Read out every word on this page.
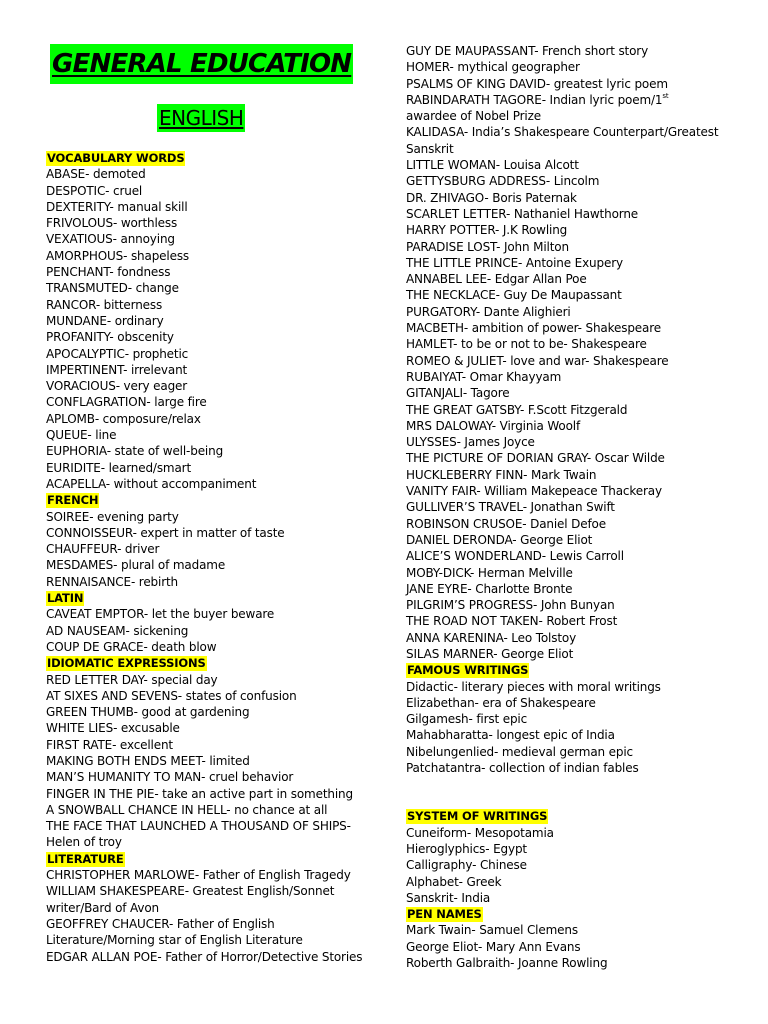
GENERAL EDUCATION
ENGLISH
VOCABULARY WORDS
ABASE- demoted
DESPOTIC- cruel
DEXTERITY- manual skill
FRIVOLOUS- worthless
VEXATIOUS- annoying
AMORPHOUS- shapeless
PENCHANT- fondness
TRANSMUTED- change
RANCOR- bitterness
MUNDANE- ordinary
PROFANITY- obscenity
APOCALYPTIC- prophetic
IMPERTINENT- irrelevant
VORACIOUS- very eager
CONFLAGRATION- large fire
APLOMB- composure/relax
QUEUE- line
EUPHORIA- state of well-being
EURIDITE- learned/smart
ACAPELLA- without accompaniment
FRENCH
SOIREE- evening party
CONNOISSEUR- expert in matter of taste
CHAUFFEUR- driver
MESDAMES- plural of madame
RENNAISANCE- rebirth
LATIN
CAVEAT EMPTOR- let the buyer beware
AD NAUSEAM- sickening
COUP DE GRACE- death blow
IDIOMATIC EXPRESSIONS
RED LETTER DAY- special day
AT SIXES AND SEVENS- states of confusion
GREEN THUMB- good at gardening
WHITE LIES- excusable
FIRST RATE- excellent
MAKING BOTH ENDS MEET- limited
MAN’S HUMANITY TO MAN- cruel behavior
FINGER IN THE PIE- take an active part in something
A SNOWBALL CHANCE IN HELL- no chance at all
THE FACE THAT LAUNCHED A THOUSAND OF SHIPS-
Helen of troy
LITERATURE
CHRISTOPHER MARLOWE- Father of English Tragedy
WILLIAM SHAKESPEARE- Greatest English/Sonnet
writer/Bard of Avon
GEOFFREY CHAUCER- Father of English
Literature/Morning star of English Literature
EDGAR ALLAN POE- Father of Horror/Detective Stories
GUY DE MAUPASSANT- French short story
HOMER- mythical geographer
PSALMS OF KING DAVID- greatest lyric poem
RABINDARATH TAGORE- Indian lyric poem/1st
awardee of Nobel Prize
KALIDASA- India’s Shakespeare Counterpart/Greatest
Sanskrit
LITTLE WOMAN- Louisa Alcott
GETTYSBURG ADDRESS- Lincolm
DR. ZHIVAGO- Boris Paternak
SCARLET LETTER- Nathaniel Hawthorne
HARRY POTTER- J.K Rowling
PARADISE LOST- John Milton
THE LITTLE PRINCE- Antoine Exupery
ANNABEL LEE- Edgar Allan Poe
THE NECKLACE- Guy De Maupassant
PURGATORY- Dante Alighieri
MACBETH- ambition of power- Shakespeare
HAMLET- to be or not to be- Shakespeare
ROMEO & JULIET- love and war- Shakespeare
RUBAIYAT- Omar Khayyam
GITANJALI- Tagore
THE GREAT GATSBY- F.Scott Fitzgerald
MRS DALOWAY- Virginia Woolf
ULYSSES- James Joyce
THE PICTURE OF DORIAN GRAY- Oscar Wilde
HUCKLEBERRY FINN- Mark Twain
VANITY FAIR- William Makepeace Thackeray
GULLIVER’S TRAVEL- Jonathan Swift
ROBINSON CRUSOE- Daniel Defoe
DANIEL DERONDA- George Eliot
ALICE’S WONDERLAND- Lewis Carroll
MOBY-DICK- Herman Melville
JANE EYRE- Charlotte Bronte
PILGRIM’S PROGRESS- John Bunyan
THE ROAD NOT TAKEN- Robert Frost
ANNA KARENINA- Leo Tolstoy
SILAS MARNER- George Eliot
FAMOUS WRITINGS
Didactic- literary pieces with moral writings
Elizabethan- era of Shakespeare
Gilgamesh- first epic
Mahabharatta- longest epic of India
Nibelungenlied- medieval german epic
Patchatantra- collection of indian fables
SYSTEM OF WRITINGS
Cuneiform- Mesopotamia
Hieroglyphics- Egypt
Calligraphy- Chinese
Alphabet- Greek
Sanskrit- India
PEN NAMES
Mark Twain- Samuel Clemens
George Eliot- Mary Ann Evans
Roberth Galbraith- Joanne Rowling
